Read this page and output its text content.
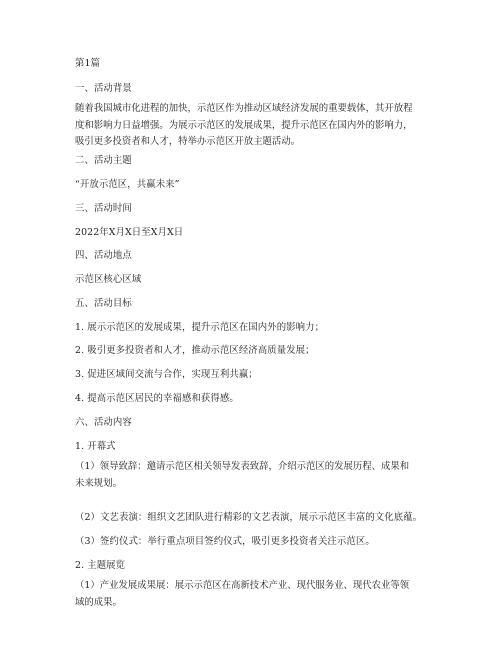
第1篇
一、活动背景
随着我国城市化进程的加快，示范区作为推动区域经济发展的重要载体，其开放程
度和影响力日益增强。为展示示范区的发展成果，提升示范区在国内外的影响力，
吸引更多投资者和人才，特举办示范区开放主题活动。
二、活动主题
“开放示范区，共赢未来”
三、活动时间
2022年X月X日至X月X日
四、活动地点
示范区核心区域
五、活动目标
1. 展示示范区的发展成果，提升示范区在国内外的影响力；
2. 吸引更多投资者和人才，推动示范区经济高质量发展；
3. 促进区域间交流与合作，实现互利共赢；
4. 提高示范区居民的幸福感和获得感。
六、活动内容
1. 开幕式
（1）领导致辞：邀请示范区相关领导发表致辞，介绍示范区的发展历程、成果和
未来规划。
（2）文艺表演：组织文艺团队进行精彩的文艺表演，展示示范区丰富的文化底蕴。
（3）签约仪式：举行重点项目签约仪式，吸引更多投资者关注示范区。
2. 主题展览
（1）产业发展成果展：展示示范区在高新技术产业、现代服务业、现代农业等领
域的成果。
